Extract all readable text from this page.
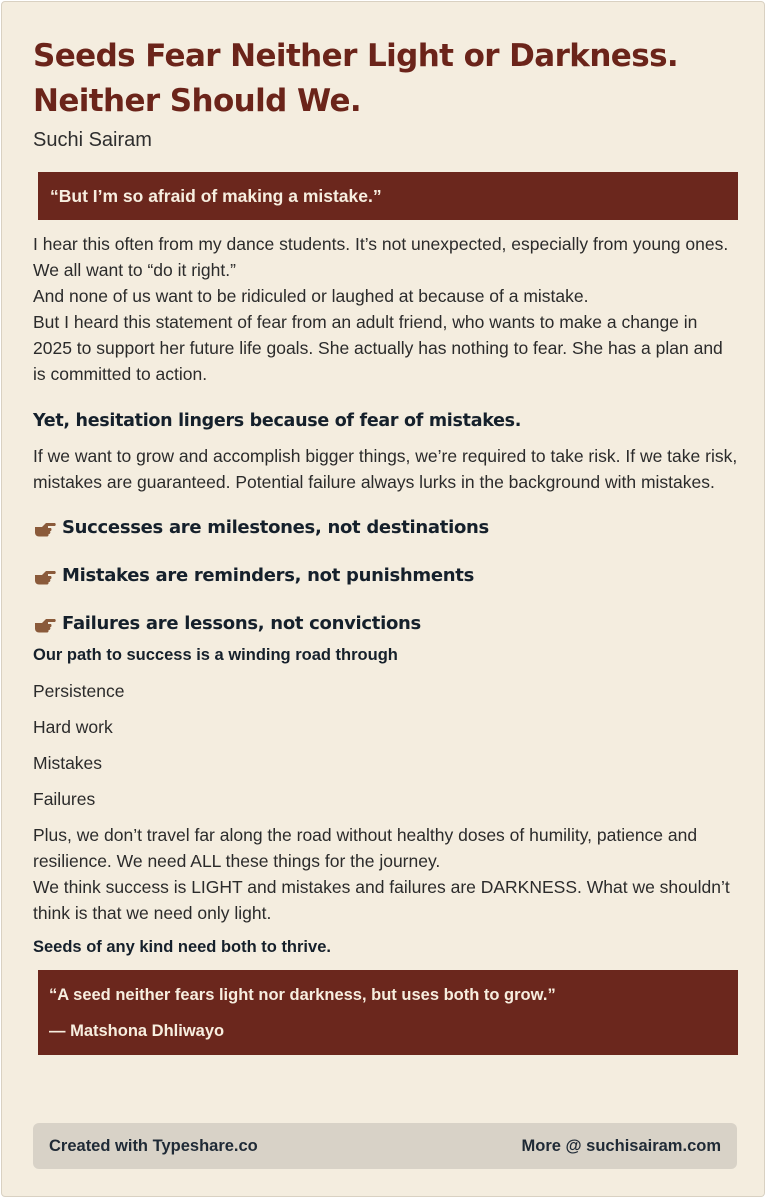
Seeds Fear Neither Light or Darkness.
Neither Should We.

Suchi Sairam

“But I’m so afraid of making a mistake.”

I hear this often from my dance students. It’s not unexpected, especially from young ones. We all want to “do it right.”

And none of us want to be ridiculed or laughed at because of a mistake.

But I heard this statement of fear from an adult friend, who wants to make a change in 2025 to support her future life goals. She actually has nothing to fear. She has a plan and is committed to action.

Yet, hesitation lingers because of fear of mistakes.

If we want to grow and accomplish bigger things, we’re required to take risk. If we take risk, mistakes are guaranteed. Potential failure always lurks in the background with mistakes.

Successes are milestones, not destinations
Mistakes are reminders, not punishments
Failures are lessons, not convictions

Our path to success is a winding road through

Persistence

Hard work

Mistakes

Failures

Plus, we don’t travel far along the road without healthy doses of humility, patience and resilience. We need ALL these things for the journey.

We think success is LIGHT and mistakes and failures are DARKNESS. What we shouldn’t think is that we need only light.

Seeds of any kind need both to thrive.

“A seed neither fears light nor darkness, but uses both to grow.”

— Matshona Dhliwayo

Created with Typeshare.co	More @ suchisairam.com
